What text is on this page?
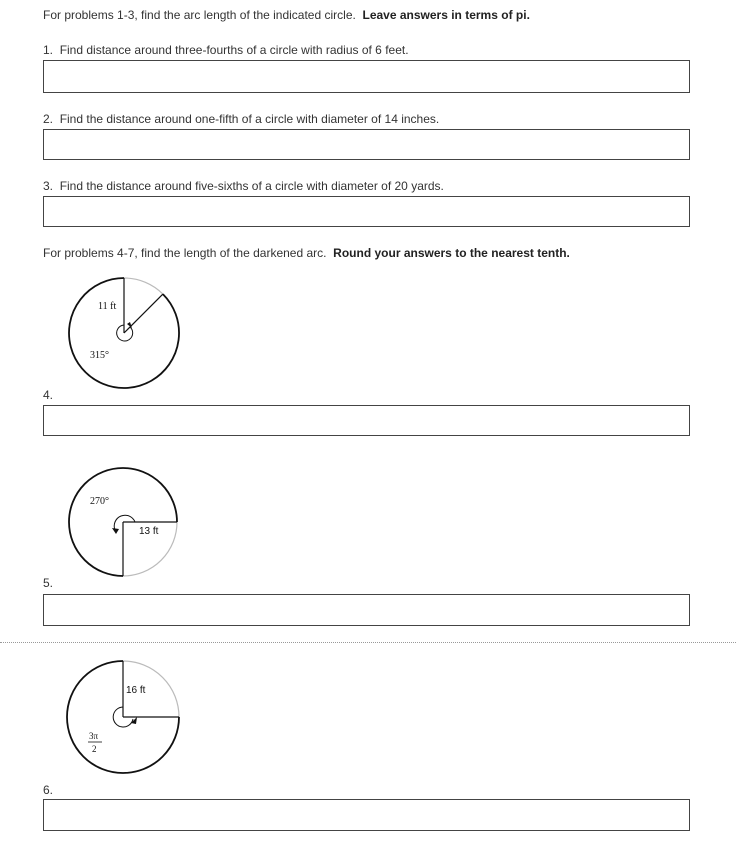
For problems 1-3, find the arc length of the indicated circle. Leave answers in terms of pi.
1. Find distance around three-fourths of a circle with radius of 6 feet.
2. Find the distance around one-fifth of a circle with diameter of 14 inches.
3. Find the distance around five-sixths of a circle with diameter of 20 yards.
For problems 4-7, find the length of the darkened arc. Round your answers to the nearest tenth.
11 ft
315°
4.
270°
13 ft
5.
16 ft
3π
2
6.
